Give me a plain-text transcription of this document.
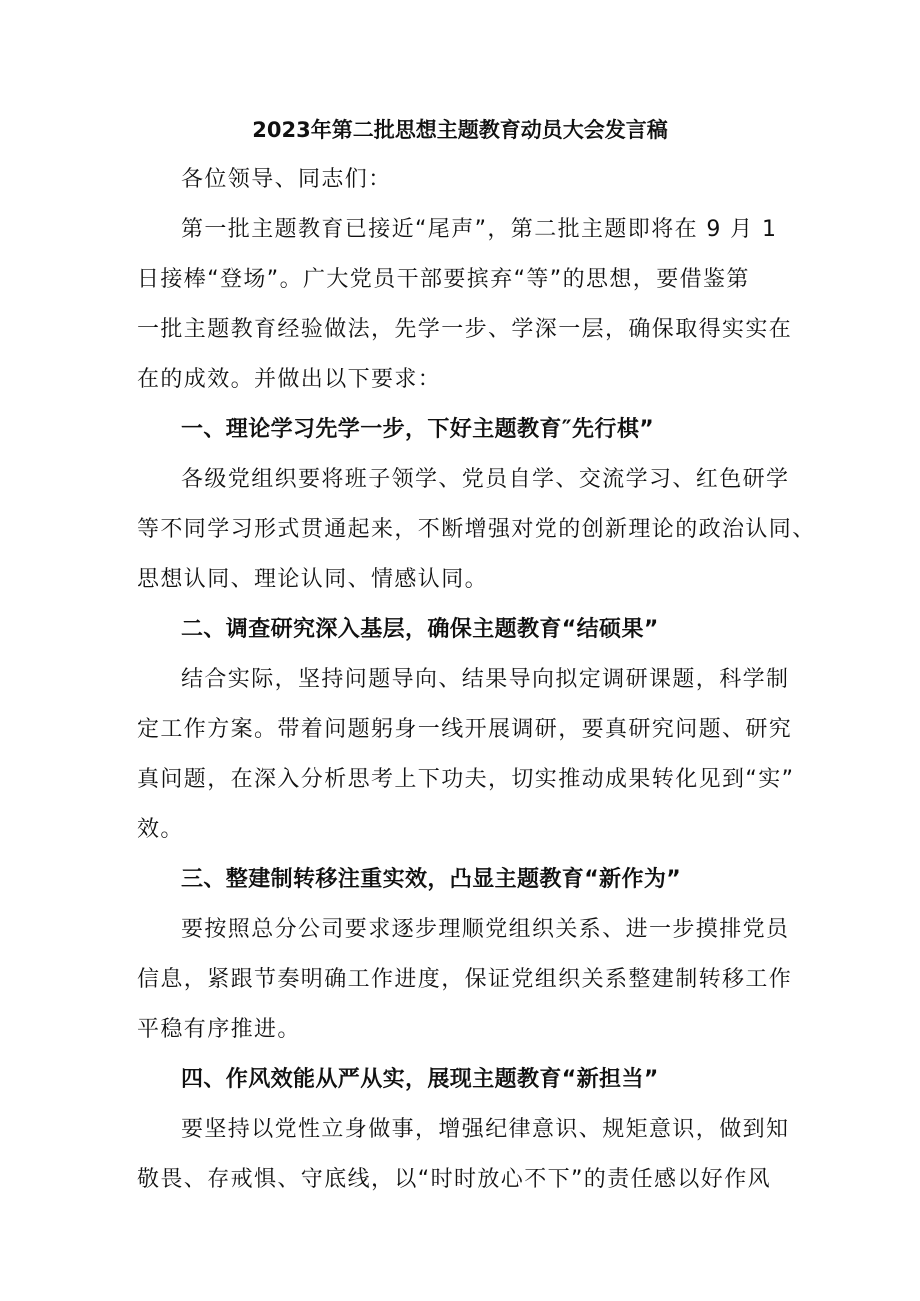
2023年第二批思想主题教育动员大会发言稿
各位领导、同志们：
第一批主题教育已接近“尾声”，第二批主题即将在 9 月 1
日接棒“登场”。广大党员干部要摈弃“等”的思想，要借鉴第
一批主题教育经验做法，先学一步、学深一层，确保取得实实在
在的成效。并做出以下要求：
一、理论学习先学一步，下好主题教育″先行棋”
各级党组织要将班子领学、党员自学、交流学习、红色研学
等不同学习形式贯通起来，不断增强对党的创新理论的政治认同、
思想认同、理论认同、情感认同。
二、调查研究深入基层，确保主题教育“结硕果”
结合实际，坚持问题导向、结果导向拟定调研课题，科学制
定工作方案。带着问题躬身一线开展调研，要真研究问题、研究
真问题，在深入分析思考上下功夫，切实推动成果转化见到“实”
效。
三、整建制转移注重实效，凸显主题教育“新作为”
要按照总分公司要求逐步理顺党组织关系、进一步摸排党员
信息，紧跟节奏明确工作进度，保证党组织关系整建制转移工作
平稳有序推进。
四、作风效能从严从实，展现主题教育“新担当”
要坚持以党性立身做事，增强纪律意识、规矩意识，做到知
敬畏、存戒惧、守底线，以“时时放心不下”的责任感以好作风
